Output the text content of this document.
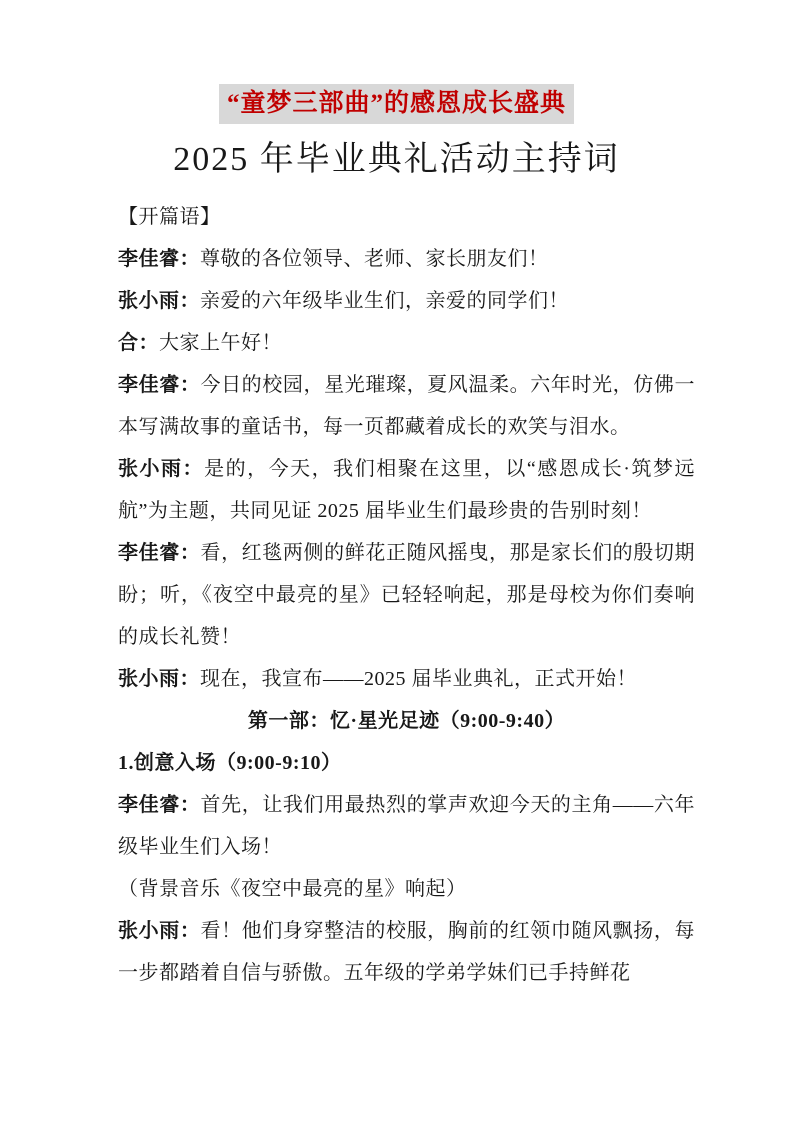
“童梦三部曲”的感恩成长盛典
2025 年毕业典礼活动主持词

【开篇语】

李佳睿：尊敬的各位领导、老师、家长朋友们！

张小雨：亲爱的六年级毕业生们，亲爱的同学们！

合：大家上午好！

李佳睿：今日的校园，星光璀璨，夏风温柔。六年时光，仿佛一本写满故事的童话书，每一页都藏着成长的欢笑与泪水。

张小雨：是的，今天，我们相聚在这里，以“感恩成长·筑梦远航”为主题，共同见证 2025 届毕业生们最珍贵的告别时刻！

李佳睿：看，红毯两侧的鲜花正随风摇曳，那是家长们的殷切期盼；听，《夜空中最亮的星》已轻轻响起，那是母校为你们奏响的成长礼赞！

张小雨：现在，我宣布——2025 届毕业典礼，正式开始！

第一部：忆·星光足迹（9:00-9:40）

1.创意入场（9:00-9:10）

李佳睿：首先，让我们用最热烈的掌声欢迎今天的主角——六年级毕业生们入场！

（背景音乐《夜空中最亮的星》响起）

张小雨：看！他们身穿整洁的校服，胸前的红领巾随风飘扬，每一步都踏着自信与骄傲。五年级的学弟学妹们已手持鲜花
